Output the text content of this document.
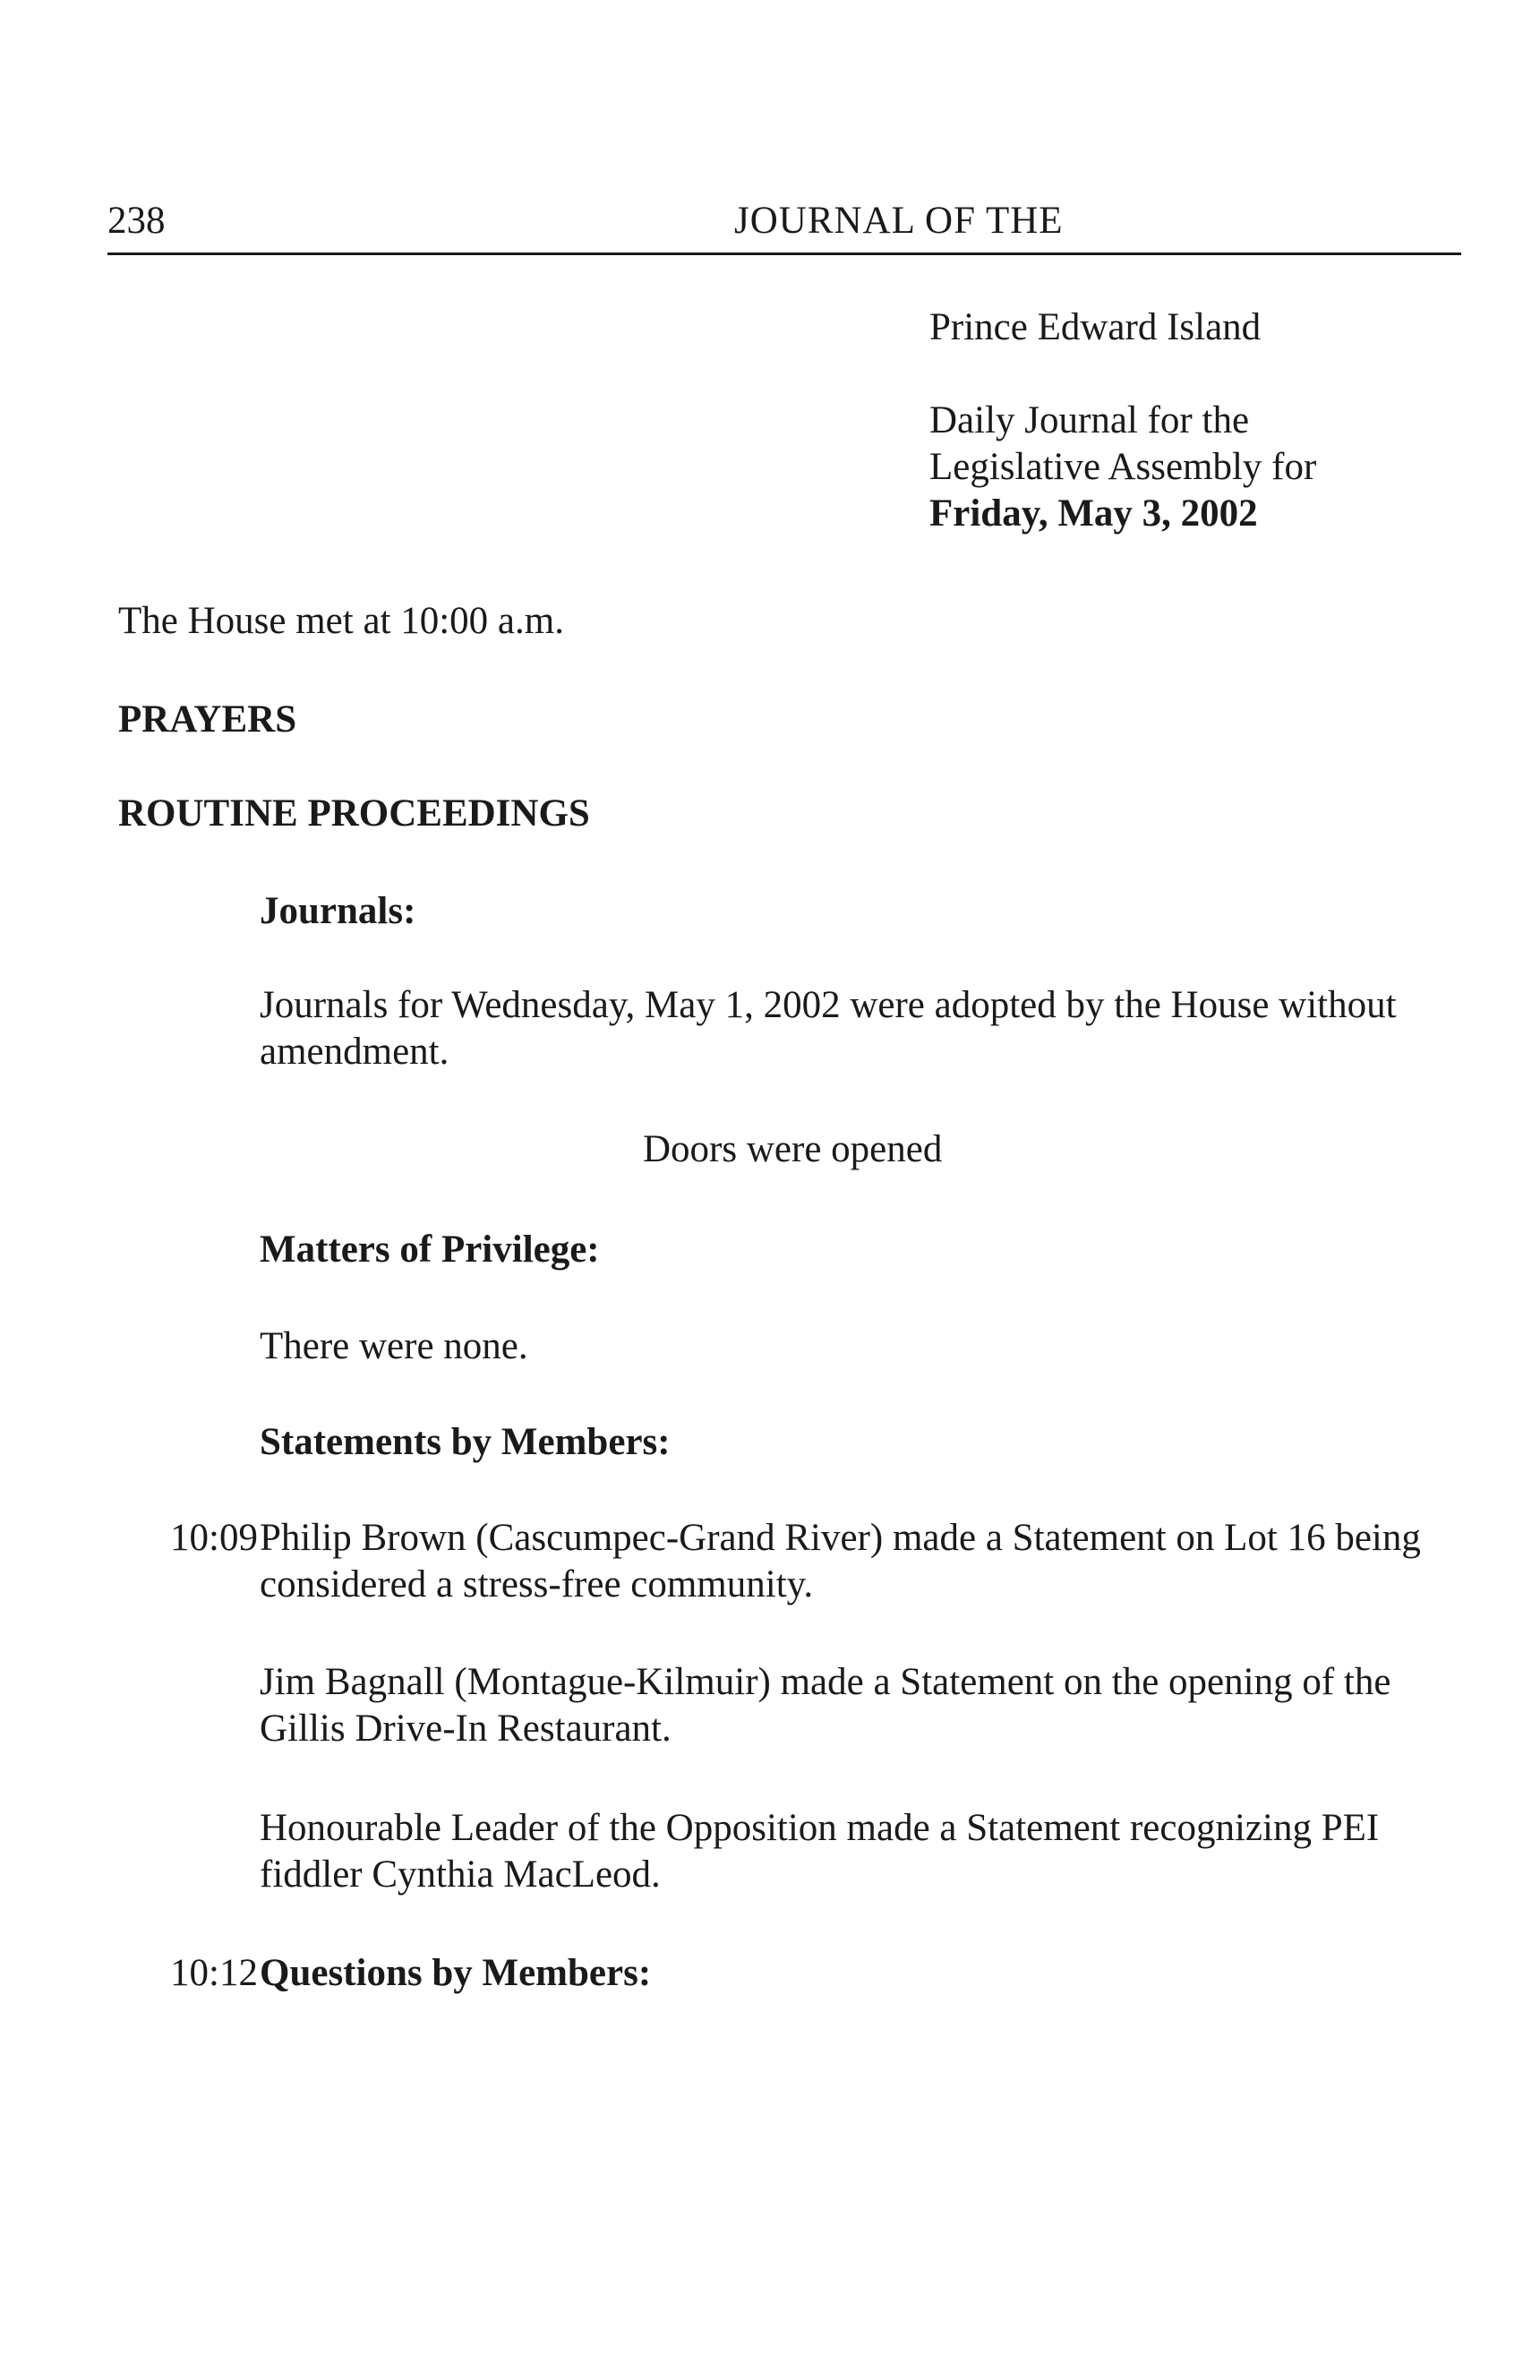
238	JOURNAL OF THE
Prince Edward Island
Daily Journal for the
Legislative Assembly for
Friday, May 3, 2002
The House met at 10:00 a.m.
PRAYERS
ROUTINE PROCEEDINGS
Journals:
Journals for Wednesday, May 1, 2002 were adopted by the House without amendment.
Doors were opened
Matters of Privilege:
There were none.
Statements by Members:
10:09 Philip Brown (Cascumpec-Grand River) made a Statement on Lot 16 being considered a stress-free community.
Jim Bagnall (Montague-Kilmuir) made a Statement on the opening of the Gillis Drive-In Restaurant.
Honourable Leader of the Opposition made a Statement recognizing PEI fiddler Cynthia MacLeod.
10:12 Questions by Members:
